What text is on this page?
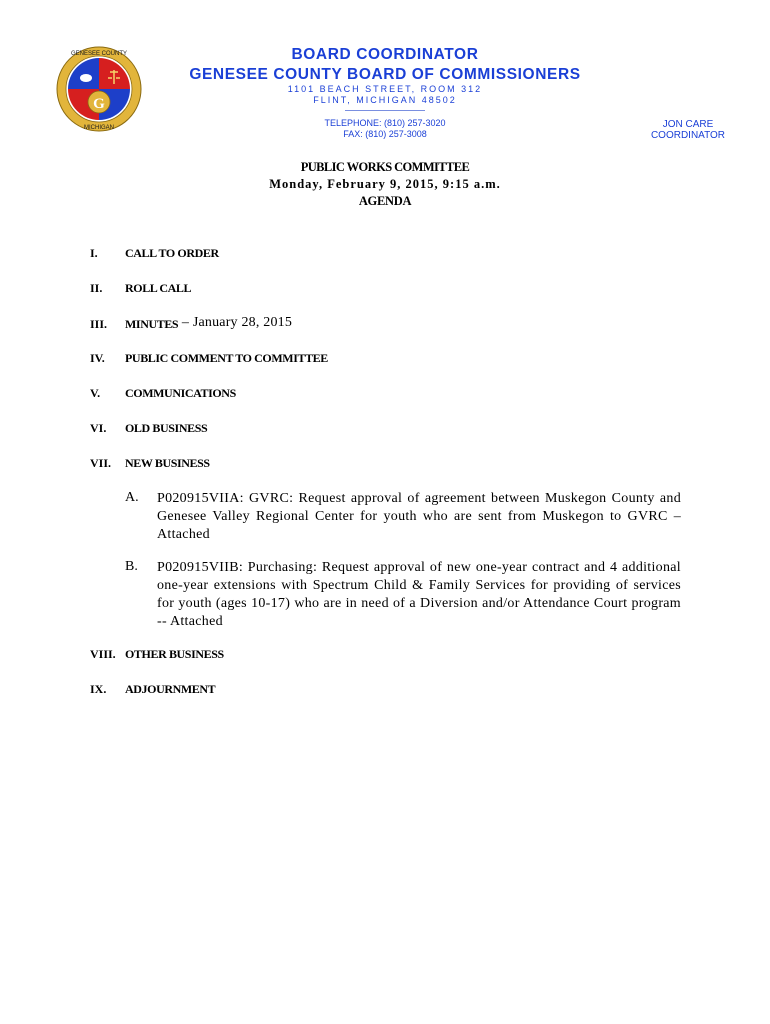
G
GENESEE COUNTY
MICHIGAN
BOARD COORDINATOR
GENESEE COUNTY BOARD OF COMMISSIONERS
1101 BEACH STREET, ROOM 312
FLINT, MICHIGAN 48502
TELEPHONE: (810) 257-3020
FAX: (810) 257-3008
JON CARE
COORDINATOR
PUBLIC WORKS COMMITTEE
Monday, February 9, 2015, 9:15 a.m.
AGENDA
I. CALL TO ORDER
II. ROLL CALL
III. MINUTES – January 28, 2015
IV. PUBLIC COMMENT TO COMMITTEE
V. COMMUNICATIONS
VI. OLD BUSINESS
VII. NEW BUSINESS
A. P020915VIIA: GVRC: Request approval of agreement between Muskegon County and Genesee Valley Regional Center for youth who are sent from Muskegon to GVRC – Attached
B. P020915VIIB: Purchasing: Request approval of new one-year contract and 4 additional one-year extensions with Spectrum Child & Family Services for providing of services for youth (ages 10-17) who are in need of a Diversion and/or Attendance Court program -- Attached
VIII. OTHER BUSINESS
IX. ADJOURNMENT
